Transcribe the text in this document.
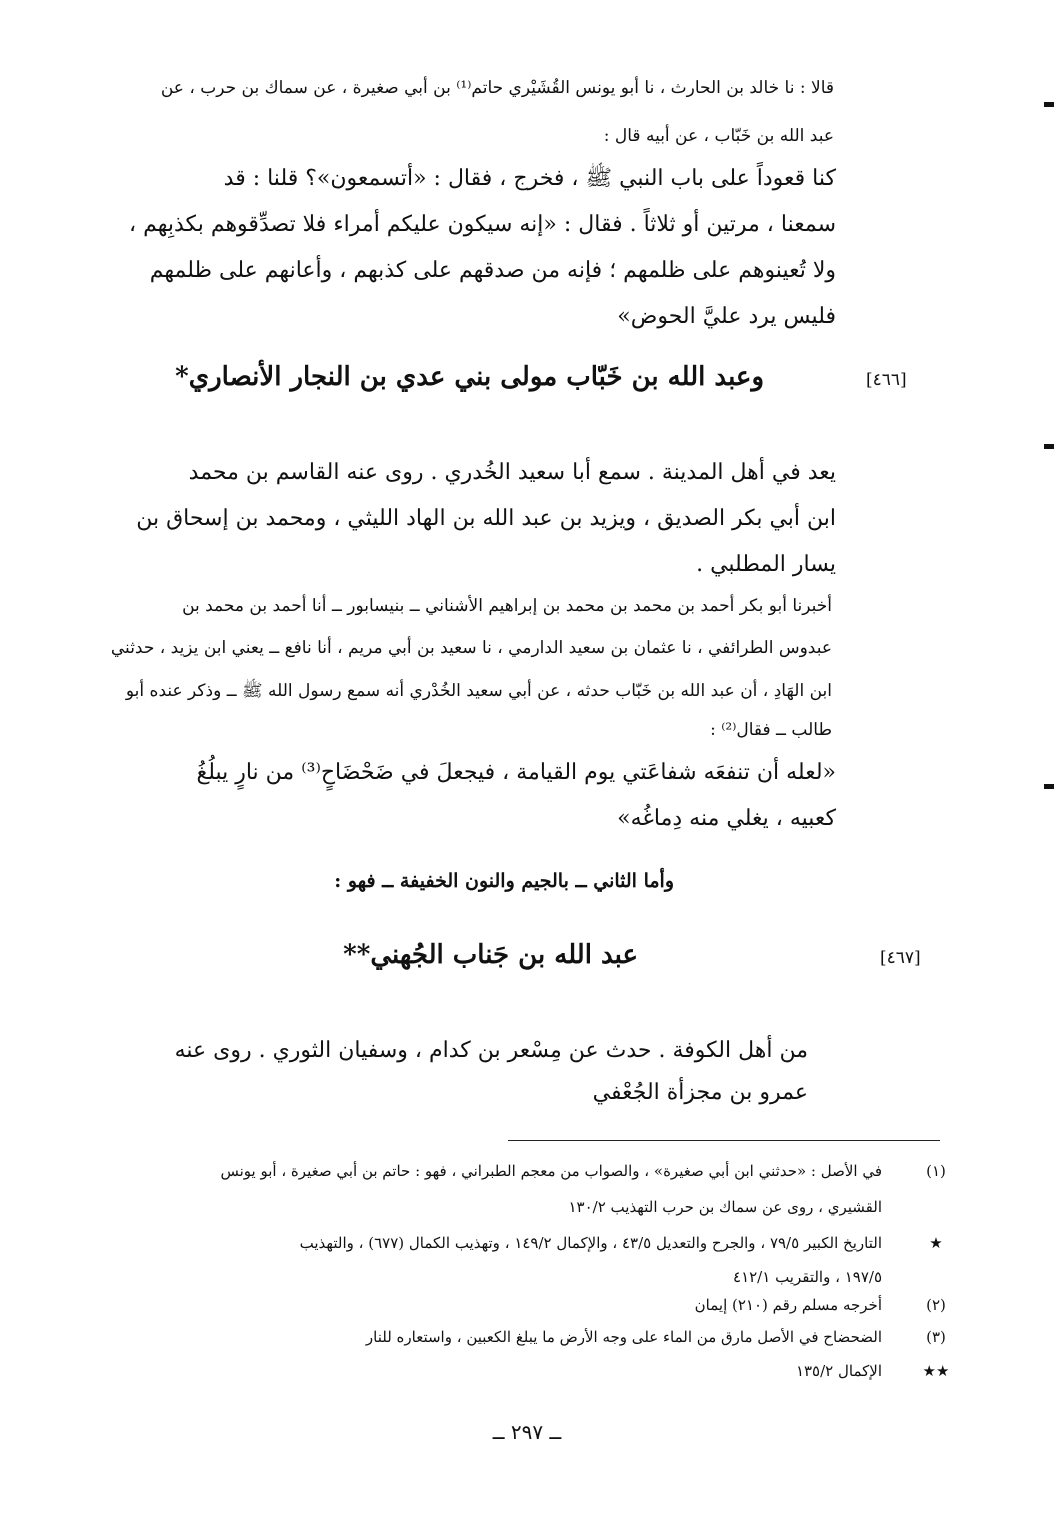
قالا : نا خالد بن الحارث ، نا أبو يونس القُشَيْري حاتم⁽¹⁾ بن أبي صغيرة ، عن سماك بن حرب ، عن
عبد الله بن خَبّاب ، عن أبيه قال :
كنا قعوداً على باب النبي ﷺ ، فخرج ، فقال : «أتسمعون»؟ قلنا : قد
سمعنا ، مرتين أو ثلاثاً . فقال : «إنه سيكون عليكم أمراء فلا تصدِّقوهم بكذبِهم ،
ولا تُعينوهم على ظلمهم ؛ فإنه من صدقهم على كذبهم ، وأعانهم على ظلمهم
فليس يرد عليَّ الحوض»
[٤٦٦]
وعبد الله بن خَبّاب مولى بني عدي بن النجار الأنصاري*
يعد في أهل المدينة . سمع أبا سعيد الخُدري . روى عنه القاسم بن محمد
ابن أبي بكر الصديق ، ويزيد بن عبد الله بن الهاد الليثي ، ومحمد بن إسحاق بن
يسار المطلبي .
أخبرنا أبو بكر أحمد بن محمد بن محمد بن إبراهيم الأشناني ــ بنيسابور ــ أنا أحمد بن محمد بن
عبدوس الطرائفي ، نا عثمان بن سعيد الدارمي ، نا سعيد بن أبي مريم ، أنا نافع ــ يعني ابن يزيد ، حدثني
ابن الهَادِ ، أن عبد الله بن خَبّاب حدثه ، عن أبي سعيد الخُدْري أنه سمع رسول الله ﷺ ــ وذكر عنده أبو
طالب ــ فقال⁽²⁾ :
«لعله أن تنفعَه شفاعَتي يوم القيامة ، فيجعلَ في ضَحْضَاحٍ⁽³⁾ من نارٍ يبلُغُ
كعبيه ، يغلي منه دِماغُه»
وأما الثاني ــ بالجيم والنون الخفيفة ــ فهو :
[٤٦٧]
عبد الله بن جَناب الجُهني**
من أهل الكوفة . حدث عن مِسْعر بن كدام ، وسفيان الثوري . روى عنه
عمرو بن مجزأة الجُعْفي
(١)
في الأصل : «حدثني ابن أبي صغيرة» ، والصواب من معجم الطبراني ، فهو : حاتم بن أبي صغيرة ، أبو يونس
القشيري ، روى عن سماك بن حرب التهذيب ١٣٠/٢
★
التاريخ الكبير ٧٩/٥ ، والجرح والتعديل ٤٣/٥ ، والإكمال ١٤٩/٢ ، وتهذيب الكمال (٦٧٧) ، والتهذيب
١٩٧/٥ ، والتقريب ٤١٢/١
(٢)
أخرجه مسلم رقم (٢١٠) إيمان
(٣)
الضحضاح في الأصل مارق من الماء على وجه الأرض ما يبلغ الكعبين ، واستعاره للنار
★★
الإكمال ١٣٥/٢
ــ ٢٩٧ ــ
